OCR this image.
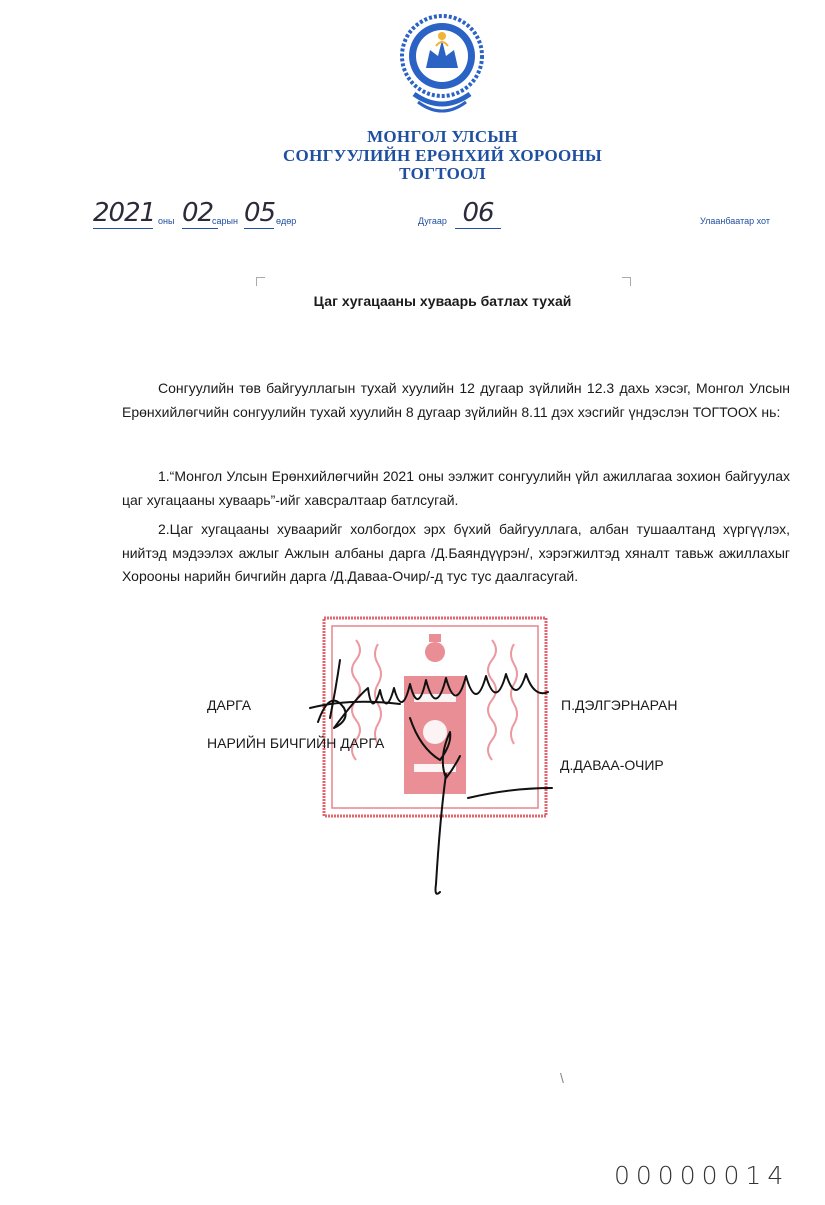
МОНГОЛ УЛСЫН
СОНГУУЛИЙН ЕРӨНХИЙ ХОРООНЫ
ТОГТООЛ
2021 оны 02
сарын 05 өдөр	Дугаар 06	Улаанбаатар хот
Цаг хугацааны хуваарь батлах тухай
Сонгуулийн төв байгууллагын тухай хуулийн 12 дугаар зүйлийн 12.3 дахь хэсэг, Монгол Улсын Ерөнхийлөгчийн сонгуулийн тухай хуулийн 8 дугаар зүйлийн 8.11 дэх хэсгийг үндэслэн ТОГТООХ нь:
1.“Монгол Улсын Ерөнхийлөгчийн 2021 оны ээлжит сонгуулийн үйл ажиллагаа зохион байгуулах цаг хугацааны хуваарь”-ийг хавсралтаар батлсугай.
2.Цаг хугацааны хуваарийг холбогдох эрх бүхий байгууллага, албан тушаалтанд хүргүүлэх, нийтэд мэдээлэх ажлыг Ажлын албаны дарга /Д.Баяндүүрэн/, хэрэгжилтэд хяналт тавьж ажиллахыг Хорооны нарийн бичгийн дарга /Д.Даваа-Очир/-д тус тус даалгасугай.
ДАРГА	П.ДЭЛГЭРНАРАН
НАРИЙН БИЧГИЙН ДАРГА
Д.ДАВАА-ОЧИР
\
00000014
